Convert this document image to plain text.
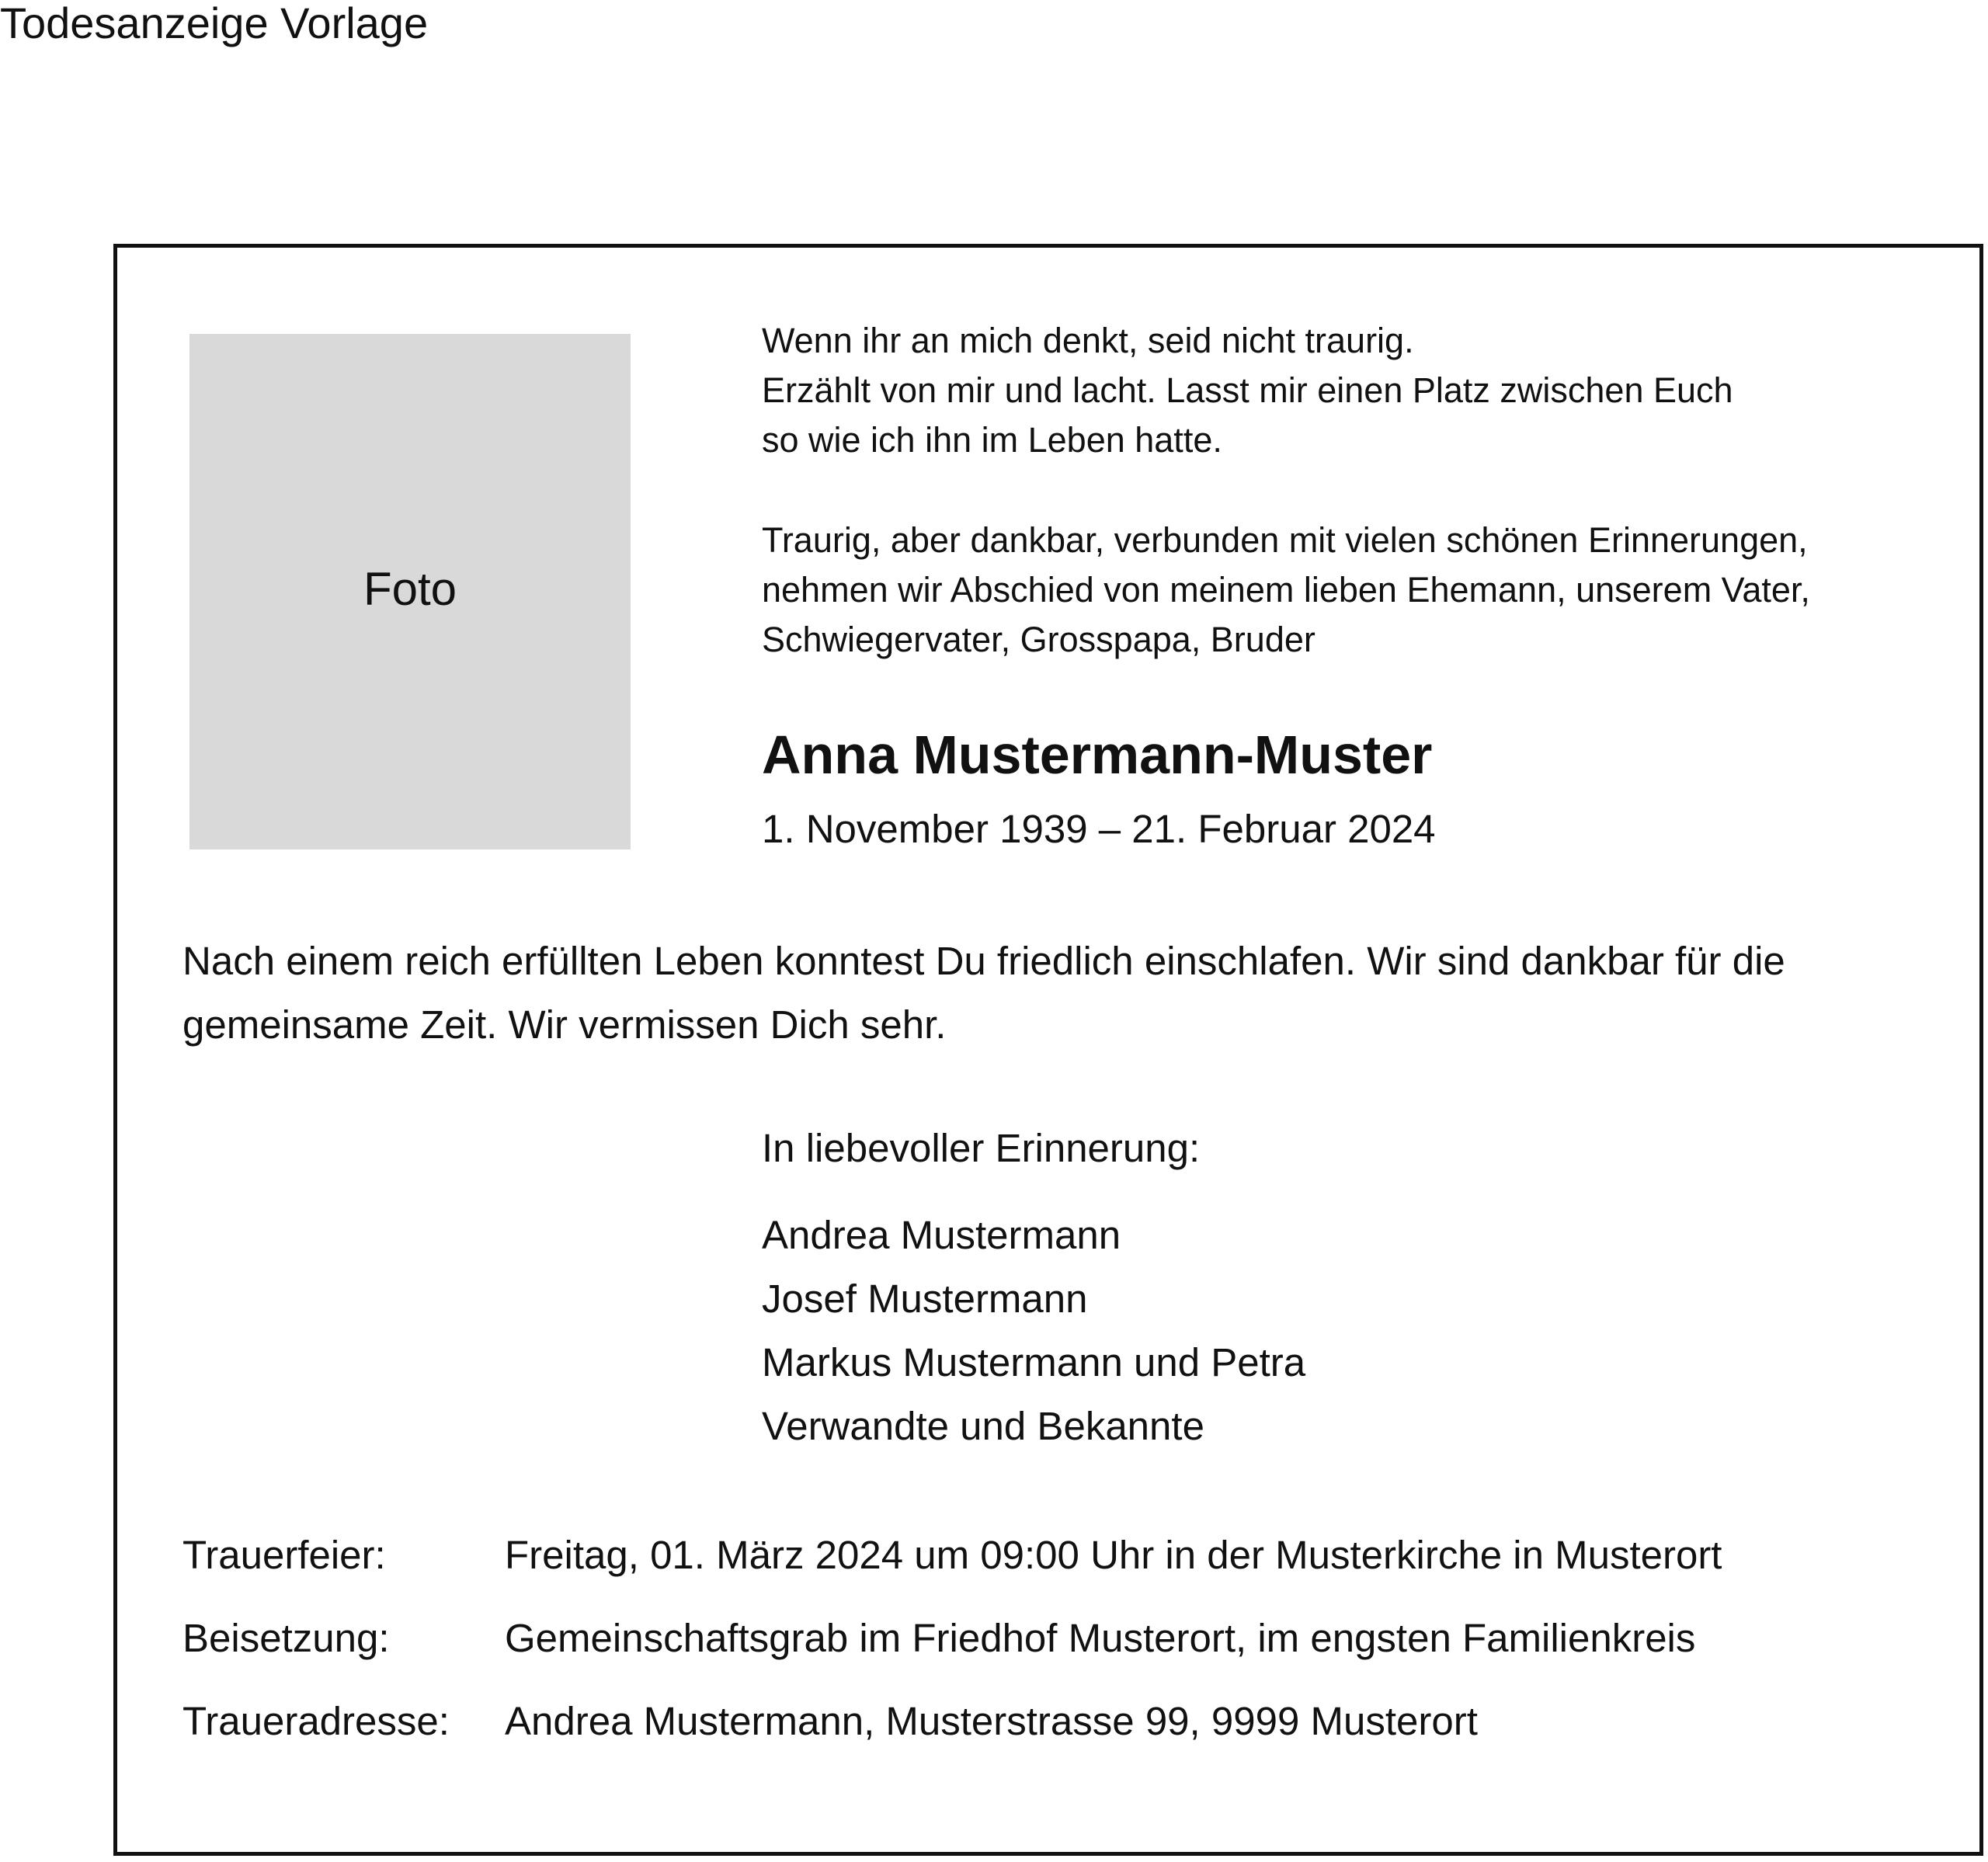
Todesanzeige Vorlage
Foto
Wenn ihr an mich denkt, seid nicht traurig.
Erzählt von mir und lacht. Lasst mir einen Platz zwischen Euch
so wie ich ihn im Leben hatte.
Traurig, aber dankbar, verbunden mit vielen schönen Erinnerungen,
nehmen wir Abschied von meinem lieben Ehemann, unserem Vater,
Schwiegervater, Grosspapa, Bruder
Anna Mustermann-Muster
1. November 1939 – 21. Februar 2024
Nach einem reich erfüllten Leben konntest Du friedlich einschlafen. Wir sind dankbar für die
gemeinsame Zeit. Wir vermissen Dich sehr.
In liebevoller Erinnerung:
Andrea Mustermann
Josef Mustermann
Markus Mustermann und Petra
Verwandte und Bekannte
Trauerfeier:	Freitag, 01. März 2024 um 09:00 Uhr in der Musterkirche in Musterort
Beisetzung:	Gemeinschaftsgrab im Friedhof Musterort, im engsten Familienkreis
Traueradresse:	Andrea Mustermann, Musterstrasse 99, 9999 Musterort
